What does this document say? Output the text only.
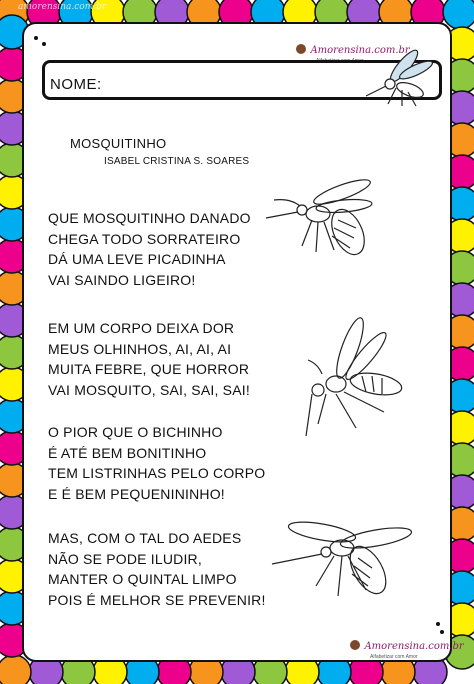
amorensina.com.br
Amorensina.com.br
NOME:
MOSQUITINHO
ISABEL CRISTINA S. SOARES
QUE MOSQUITINHO DANADO
CHEGA TODO SORRATEIRO
DÁ UMA LEVE PICADINHA
VAI SAINDO LIGEIRO!
EM UM CORPO DEIXA DOR
MEUS OLHINHOS, AI, AI, AI
MUITA FEBRE, QUE HORROR
VAI MOSQUITO, SAI, SAI, SAI!
O PIOR QUE O BICHINHO
É ATÉ BEM BONITINHO
TEM LISTRINHAS PELO CORPO
E É BEM PEQUENININHO!
MAS, COM O TAL DO AEDES
NÃO SE PODE ILUDIR,
MANTER O QUINTAL LIMPO
POIS É MELHOR SE PREVENIR!
Amorensina.com.br
Alfabetizar com Amor
